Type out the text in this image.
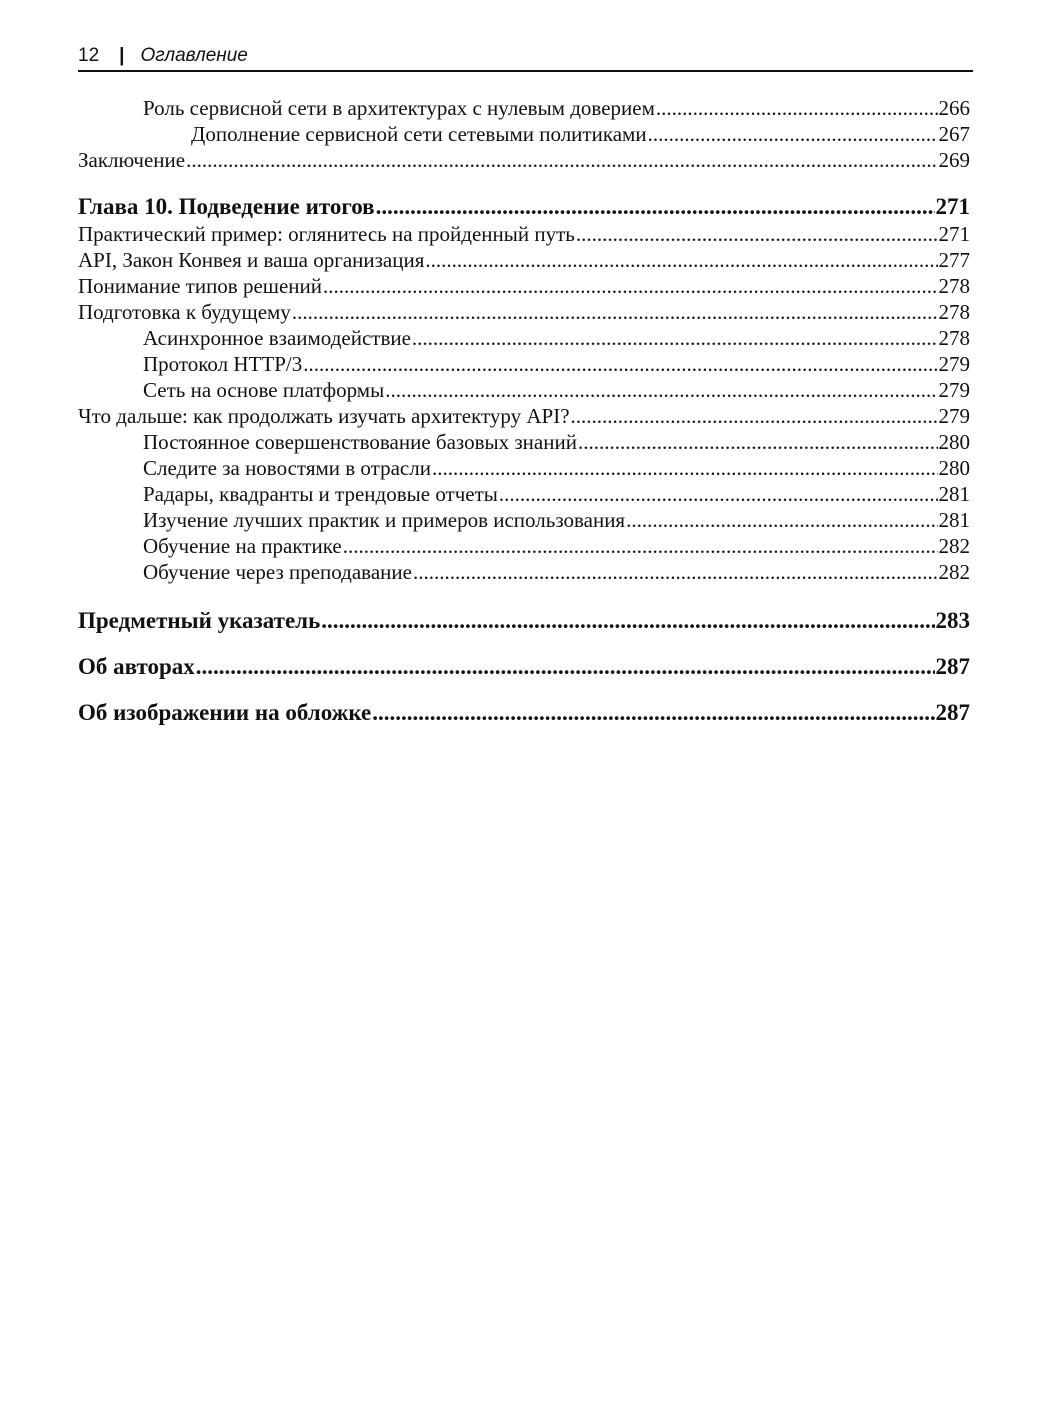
12 | Оглавление
Роль сервисной сети в архитектурах с нулевым доверием .....	266
Дополнение сервисной сети сетевыми политиками .....	267
Заключение .....	269
Глава 10. Подведение итогов .....	271
Практический пример: оглянитесь на пройденный путь .....	271
API, Закон Конвея и ваша организация .....	277
Понимание типов решений .....	278
Подготовка к будущему .....	278
Асинхронное взаимодействие .....	278
Протокол HTTP/3 .....	279
Сеть на основе платформы .....	279
Что дальше: как продолжать изучать архитектуру API? .....	279
Постоянное совершенствование базовых знаний .....	280
Следите за новостями в отрасли .....	280
Радары, квадранты и трендовые отчеты .....	281
Изучение лучших практик и примеров использования .....	281
Обучение на практике .....	282
Обучение через преподавание .....	282
Предметный указатель .....	283
Об авторах .....	287
Об изображении на обложке .....	287
